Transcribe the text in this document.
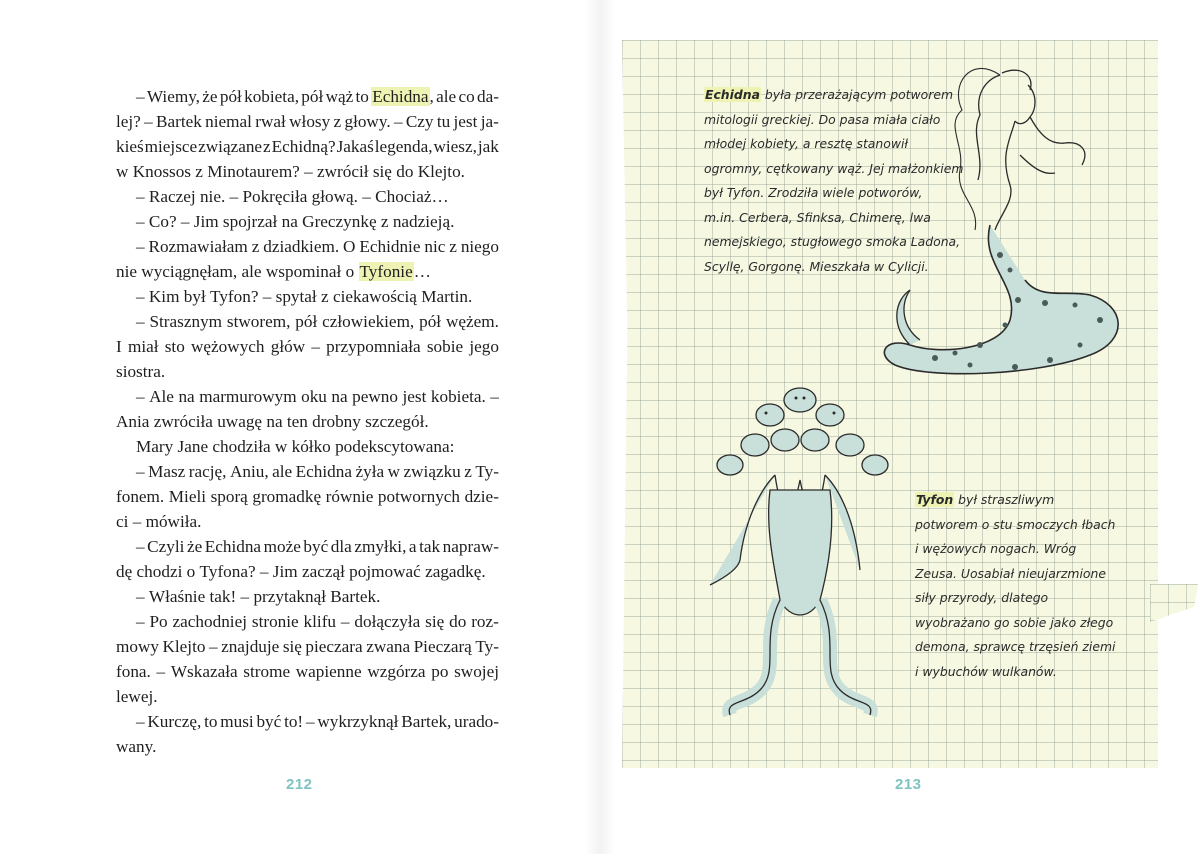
– Wiemy, że pół kobieta, pół wąż to Echidna, ale co da-
lej? – Bartek niemal rwał włosy z głowy. – Czy tu jest ja-
kieś miejsce związane z Echidną? Jakaś legenda, wiesz, jak
w Knossos z Minotaurem? – zwrócił się do Klejto.
– Raczej nie. – Pokręciła głową. – Chociaż…
– Co? – Jim spojrzał na Greczynkę z nadzieją.
– Rozmawiałam z dziadkiem. O Echidnie nic z niego
nie wyciągnęłam, ale wspominał o Tyfonie…
– Kim był Tyfon? – spytał z ciekawością Martin.
– Strasznym stworem, pół człowiekiem, pół wężem.
I miał sto wężowych głów – przypomniała sobie jego
siostra.
– Ale na marmurowym oku na pewno jest kobieta. –
Ania zwróciła uwagę na ten drobny szczegół.
Mary Jane chodziła w kółko podekscytowana:
– Masz rację, Aniu, ale Echidna żyła w związku z Ty-
fonem. Mieli sporą gromadkę równie potwornych dzie-
ci – mówiła.
– Czyli że Echidna może być dla zmyłki, a tak napraw-
dę chodzi o Tyfona? – Jim zaczął pojmować zagadkę.
– Właśnie tak! – przytaknął Bartek.
– Po zachodniej stronie klifu – dołączyła się do roz-
mowy Klejto – znajduje się pieczara zwana Pieczarą Ty-
fona. – Wskazała strome wapienne wzgórza po swojej
lewej.
– Kurczę, to musi być to! – wykrzyknął Bartek, urado-
wany.
212
Echidna była przerażającym potworem
mitologii greckiej. Do pasa miała ciało
młodej kobiety, a resztę stanowił
ogromny, cętkowany wąż. Jej małżonkiem
był Tyfon. Zrodziła wiele potworów,
m.in. Cerbera, Sfinksa, Chimerę, lwa
nemejskiego, stugłowego smoka Ladona,
Scyllę, Gorgonę. Mieszkała w Cylicji.
Tyfon był straszliwym
potworem o stu smoczych łbach
i wężowych nogach. Wróg
Zeusa. Uosabiał nieujarzmione
siły przyrody, dlatego
wyobrażano go sobie jako złego
demona, sprawcę trzęsień ziemi
i wybuchów wulkanów.
213
